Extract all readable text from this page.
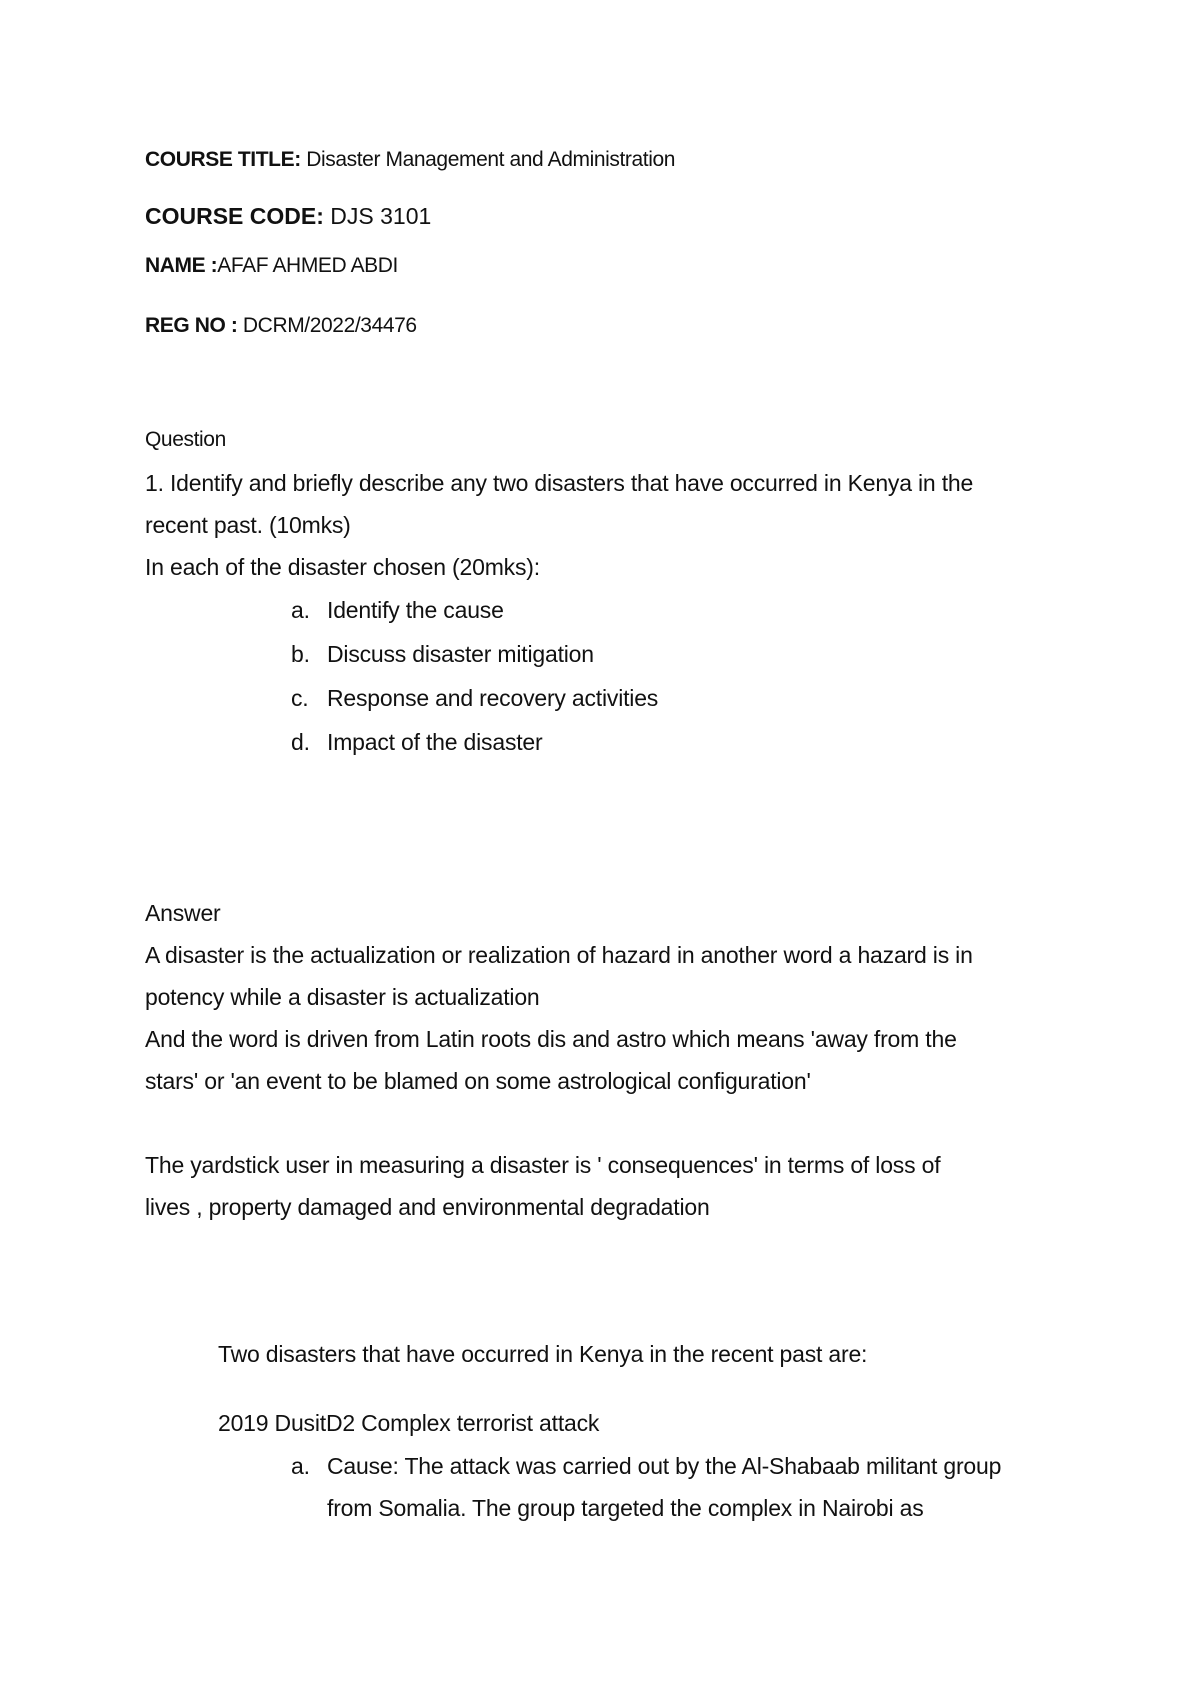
COURSE TITLE: Disaster Management and Administration
COURSE CODE: DJS 3101
NAME :AFAF AHMED ABDI
REG NO : DCRM/2022/34476
Question
1. Identify and briefly describe any two disasters that have occurred in Kenya in the
recent past. (10mks)
In each of the disaster chosen (20mks):
a. Identify the cause
b. Discuss disaster mitigation
c. Response and recovery activities
d. Impact of the disaster
Answer
A disaster is the actualization or realization of hazard in another word a hazard is in
potency while a disaster is actualization
And the word is driven from Latin roots dis and astro which means 'away from the
stars' or 'an event to be blamed on some astrological configuration'
The yardstick user in measuring a disaster is ' consequences' in terms of loss of
lives , property damaged and environmental degradation
Two disasters that have occurred in Kenya in the recent past are:
2019 DusitD2 Complex terrorist attack
a. Cause: The attack was carried out by the Al-Shabaab militant group
from Somalia. The group targeted the complex in Nairobi as
